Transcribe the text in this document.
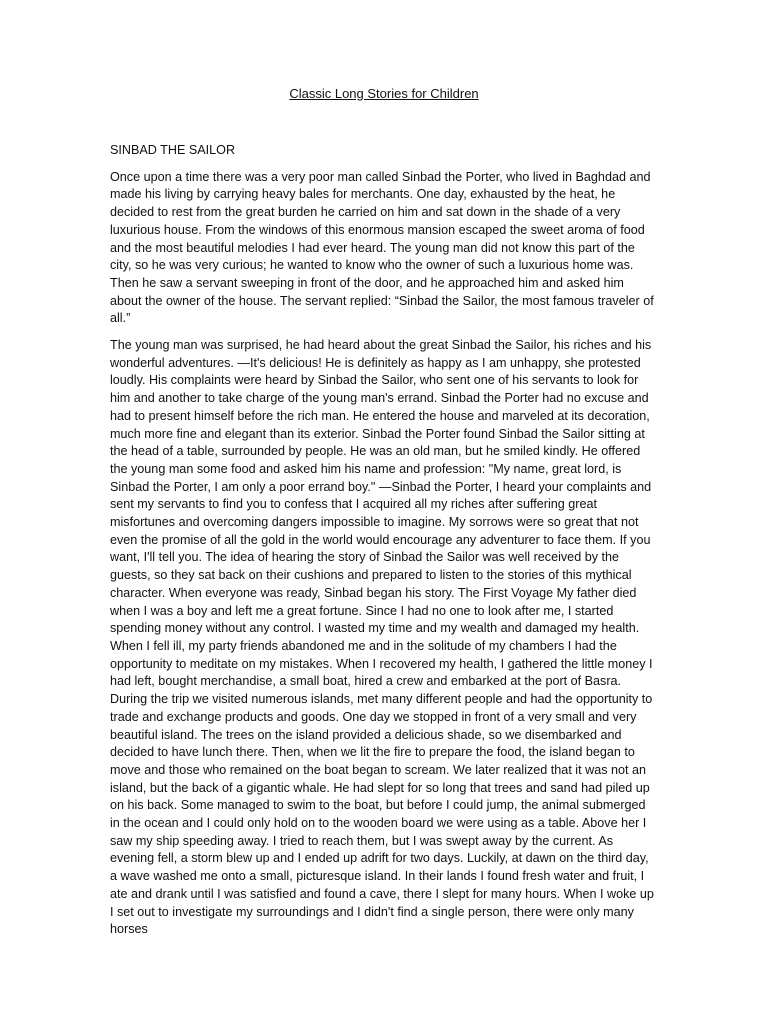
Classic Long Stories for Children
SINBAD THE SAILOR

Once upon a time there was a very poor man called Sinbad the Porter, who lived in Baghdad and made his living by carrying heavy bales for merchants. One day, exhausted by the heat, he decided to rest from the great burden he carried on him and sat down in the shade of a very luxurious house. From the windows of this enormous mansion escaped the sweet aroma of food and the most beautiful melodies I had ever heard. The young man did not know this part of the city, so he was very curious; he wanted to know who the owner of such a luxurious home was. Then he saw a servant sweeping in front of the door, and he approached him and asked him about the owner of the house. The servant replied: “Sinbad the Sailor, the most famous traveler of all.”

The young man was surprised, he had heard about the great Sinbad the Sailor, his riches and his wonderful adventures. —It's delicious! He is definitely as happy as I am unhappy, she protested loudly. His complaints were heard by Sinbad the Sailor, who sent one of his servants to look for him and another to take charge of the young man's errand. Sinbad the Porter had no excuse and had to present himself before the rich man. He entered the house and marveled at its decoration, much more fine and elegant than its exterior. Sinbad the Porter found Sinbad the Sailor sitting at the head of a table, surrounded by people. He was an old man, but he smiled kindly. He offered the young man some food and asked him his name and profession: "My name, great lord, is Sinbad the Porter, I am only a poor errand boy." —Sinbad the Porter, I heard your complaints and sent my servants to find you to confess that I acquired all my riches after suffering great misfortunes and overcoming dangers impossible to imagine. My sorrows were so great that not even the promise of all the gold in the world would encourage any adventurer to face them. If you want, I'll tell you. The idea of hearing the story of Sinbad the Sailor was well received by the guests, so they sat back on their cushions and prepared to listen to the stories of this mythical character. When everyone was ready, Sinbad began his story. The First Voyage My father died when I was a boy and left me a great fortune. Since I had no one to look after me, I started spending money without any control. I wasted my time and my wealth and damaged my health. When I fell ill, my party friends abandoned me and in the solitude of my chambers I had the opportunity to meditate on my mistakes. When I recovered my health, I gathered the little money I had left, bought merchandise, a small boat, hired a crew and embarked at the port of Basra. During the trip we visited numerous islands, met many different people and had the opportunity to trade and exchange products and goods. One day we stopped in front of a very small and very beautiful island. The trees on the island provided a delicious shade, so we disembarked and decided to have lunch there. Then, when we lit the fire to prepare the food, the island began to move and those who remained on the boat began to scream. We later realized that it was not an island, but the back of a gigantic whale. He had slept for so long that trees and sand had piled up on his back. Some managed to swim to the boat, but before I could jump, the animal submerged in the ocean and I could only hold on to the wooden board we were using as a table. Above her I saw my ship speeding away. I tried to reach them, but I was swept away by the current. As evening fell, a storm blew up and I ended up adrift for two days. Luckily, at dawn on the third day, a wave washed me onto a small, picturesque island. In their lands I found fresh water and fruit, I ate and drank until I was satisfied and found a cave, there I slept for many hours. When I woke up I set out to investigate my surroundings and I didn't find a single person, there were only many horses
